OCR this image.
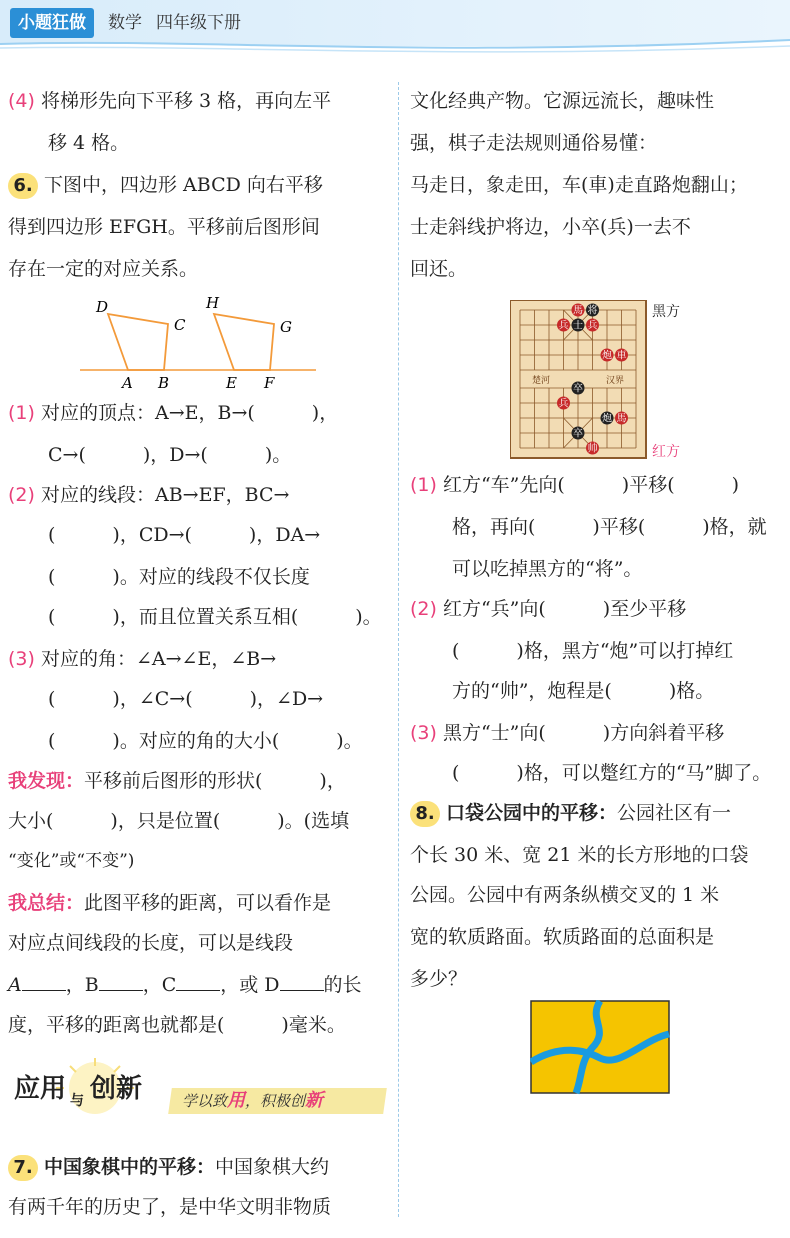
小题狂做	数学 四年级下册
(4) 将梯形先向下平移 3 格，再向左平
移 4 格。
6. 下图中，四边形 ABCD 向右平移
得到四边形 EFGH。平移前后图形间
存在一定的对应关系。
D
C
A B
H
G
E F
(1) 对应的顶点：A→E，B→(　　　)，
C→(　　　)，D→(　　　)。
(2) 对应的线段：AB→EF，BC→
(　　　)，CD→(　　　)，DA→
(　　　)。对应的线段不仅长度
(　　　)，而且位置关系互相(　　　)。
(3) 对应的角：∠A→∠E，∠B→
(　　　)，∠C→(　　　)，∠D→
(　　　)。对应的角的大小(　　　)。
我发现：平移前后图形的形状(　　　)，
大小(　　　)，只是位置(　　　)。(选填
“变化”或“不变”)
我总结：此图平移的距离，可以看作是
对应点间线段的长度，可以是线段
A ，B ，C ，或 D 的长
度，平移的距离也就都是(　　　)毫米。
应用 与 创新	学以致用，积极创新
7. 中国象棋中的平移：中国象棋大约
有两千年的历史了，是中华文明非物质
文化经典产物。它源远流长，趣味性
强，棋子走法规则通俗易懂：
马走日，象走田，车(車)走直路炮翻山；
士走斜线护将边，小卒(兵)一去不
回还。
楚河	汉界
馬 将
兵 士 兵
炮 車
卒
兵
炮 馬
卒
帅
黑方
红方
(1) 红方“车”先向(　　　)平移(　　　)
格，再向(　　　)平移(　　　)格，就
可以吃掉黑方的“将”。
(2) 红方“兵”向(　　　)至少平移
(　　　)格，黑方“炮”可以打掉红
方的“帅”，炮程是(　　　)格。
(3) 黑方“士”向(　　　)方向斜着平移
(　　　)格，可以蹩红方的“马”脚了。
8. 口袋公园中的平移：公园社区有一
个长 30 米、宽 21 米的长方形地的口袋
公园。公园中有两条纵横交叉的 1 米
宽的软质路面。软质路面的总面积是
多少？
